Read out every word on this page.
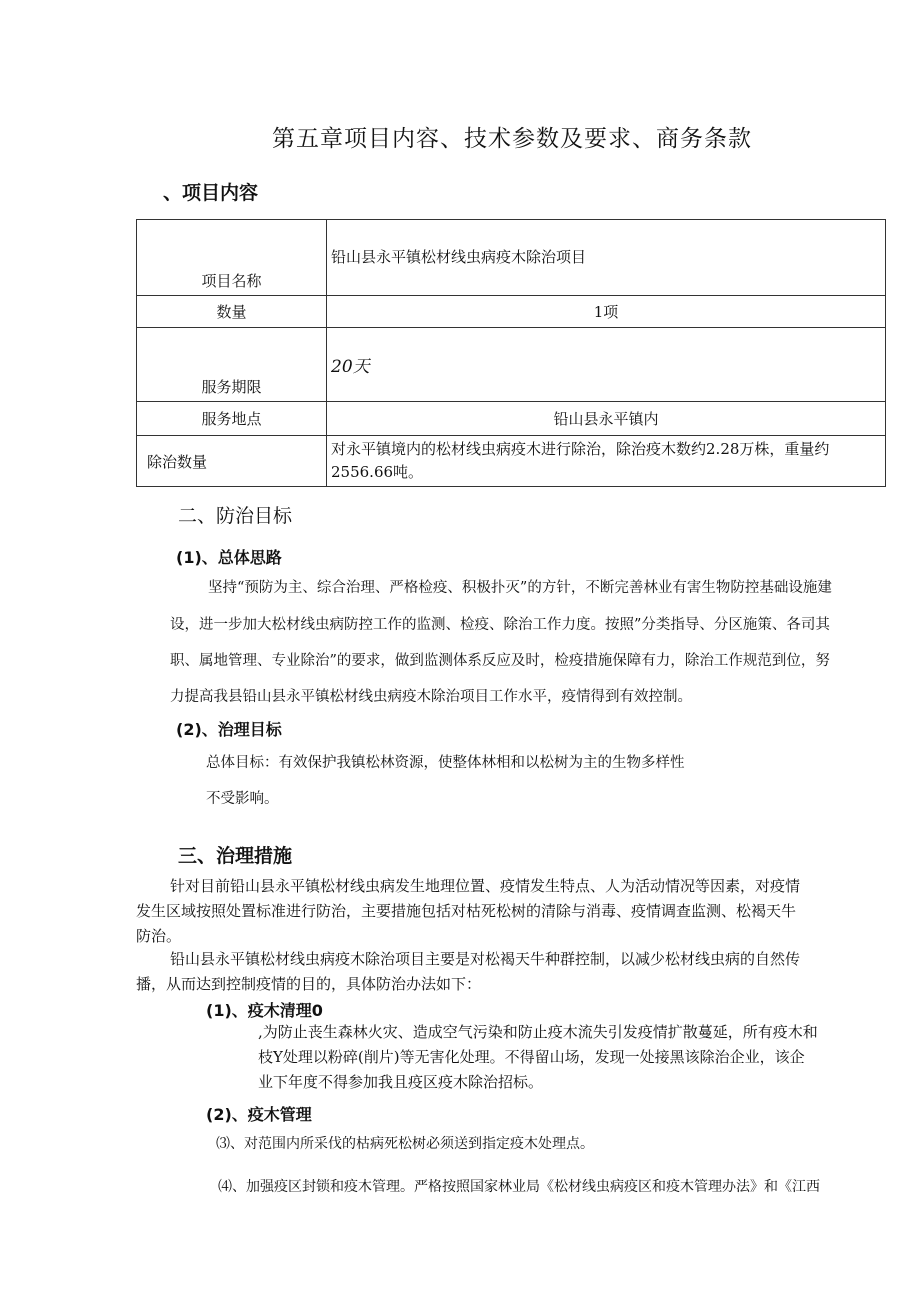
第五章项目内容、技术参数及要求、商务条款
、项目内容
项目名称	铅山县永平镇松材线虫病疫木除治项目
数量	1项
服务期限	20天
服务地点	铅山县永平镇内
除治数量	对永平镇境内的松材线虫病疫木进行除治，除治疫木数约2.28万株，重量约2556.66吨。
二、防治目标
(1)、总体思路
坚持“预防为主、综合治理、严格检疫、积极扑灭”的方针，不断完善林业有害生物防控基础设施建
设，进一步加大松材线虫病防控工作的监测、检疫、除治工作力度。按照”分类指导、分区施策、各司其
职、属地管理、专业除治”的要求，做到监测体系反应及时，检疫措施保障有力，除治工作规范到位，努
力提高我县铅山县永平镇松材线虫病疫木除治项目工作水平，疫情得到有效控制。
(2)、治理目标
总体目标：有效保护我镇松林资源，使整体林相和以松树为主的生物多样性
不受影响。
三、治理措施
针对目前铅山县永平镇松材线虫病发生地理位置、疫情发生特点、人为活动情况等因素，对疫情
发生区域按照处置标准进行防治，主要措施包括对枯死松树的清除与消毒、疫情调查监测、松褐天牛
防治。
铅山县永平镇松材线虫病疫木除治项目主要是对松褐天牛种群控制，以减少松材线虫病的自然传
播，从而达到控制疫情的目的，具体防治办法如下：
(1)、疫木清理0
,为防止丧生森林火灾、造成空气污染和防止疫木流失引发疫情扩散蔓延，所有疫木和
枝Y处理以粉碎(削片)等无害化处理。不得留山场，发现一处接黑该除治企业，该企
业下年度不得参加我且疫区疫木除治招标。
(2)、疫木管理
⑶、对范围内所采伐的枯病死松树必须送到指定疫木处理点。
⑷、加强疫区封锁和疫木管理。严格按照国家林业局《松材线虫病疫区和疫木管理办法》和《江西
